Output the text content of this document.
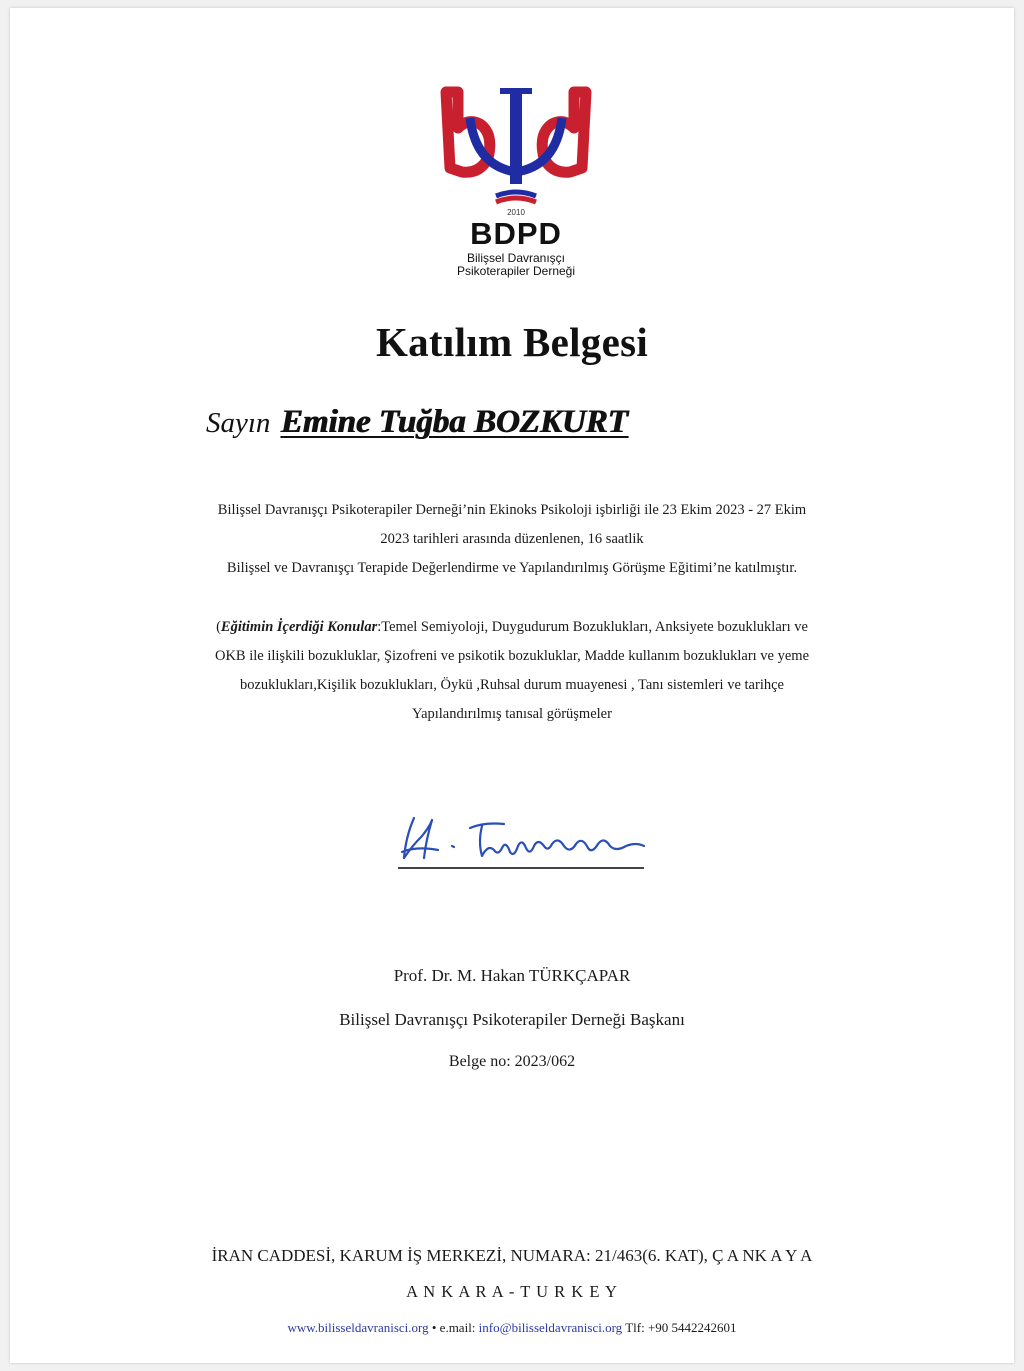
2010
BDPD
Bilişsel Davranışçı
Psikoterapiler Derneği
Katılım Belgesi
Sayın Emine Tuğba BOZKURT
Bilişsel Davranışçı Psikoterapiler Derneği’nin Ekinoks Psikoloji işbirliği ile 23 Ekim 2023 - 27 Ekim
2023 tarihleri arasında düzenlenen, 16 saatlik
Bilişsel ve Davranışçı Terapide Değerlendirme ve Yapılandırılmış Görüşme Eğitimi’ne katılmıştır.
(Eğitimin İçerdiği Konular:Temel Semiyoloji, Duygudurum Bozuklukları, Anksiyete bozuklukları ve
OKB ile ilişkili bozukluklar, Şizofreni ve psikotik bozukluklar, Madde kullanım bozuklukları ve yeme
bozuklukları,Kişilik bozuklukları, Öykü ,Ruhsal durum muayenesi , Tanı sistemleri ve tarihçe
Yapılandırılmış tanısal görüşmeler
Prof. Dr. M. Hakan TÜRKÇAPAR
Bilişsel Davranışçı Psikoterapiler Derneği Başkanı
Belge no: 2023/062
İRAN CADDESİ, KARUM İŞ MERKEZİ, NUMARA: 21/463(6. KAT), Ç A NK A Y A
A N K A R A - T U R K E Y
www.bilisseldavranisci.org • e.mail: info@bilisseldavranisci.org Tlf: +90 5442242601
